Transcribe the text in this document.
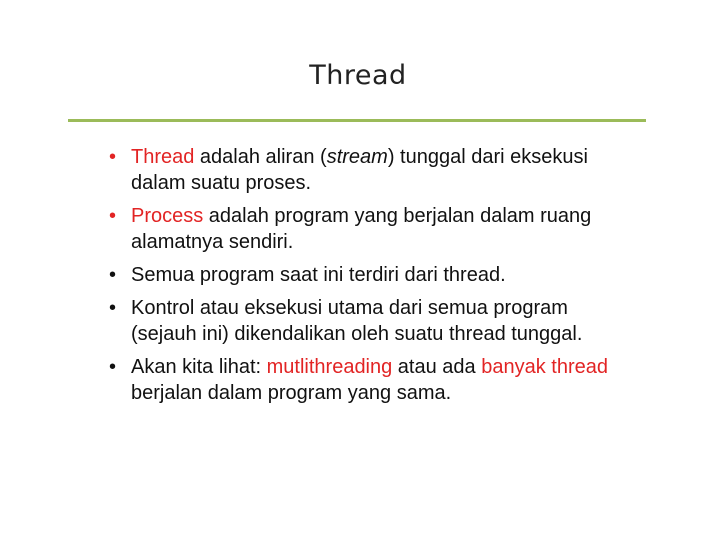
Thread
• Thread adalah aliran (stream) tunggal dari eksekusi dalam suatu proses.
• Process adalah program yang berjalan dalam ruang alamatnya sendiri.
• Semua program saat ini terdiri dari thread.
• Kontrol atau eksekusi utama dari semua program (sejauh ini) dikendalikan oleh suatu thread tunggal.
• Akan kita lihat: mutlithreading atau ada banyak thread berjalan dalam program yang sama.
